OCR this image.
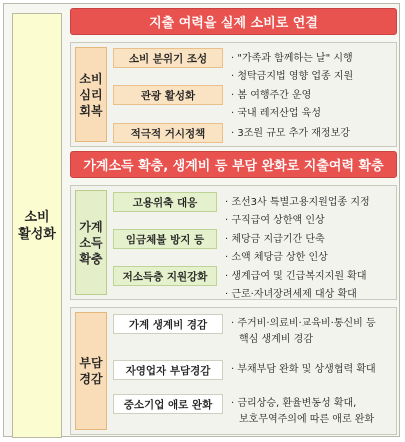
소비
활성화
지출 여력을 실제 소비로 연결
소비
심리
회복
소비 분위기 조성	· "가족과 함께하는 날" 시행
· 청탁금지법 영향 업종 지원
관광 활성화	· 봄 여행주간 운영
· 국내 레저산업 육성
적극적 거시정책	· 3조원 규모 추가 재정보강
가계소득 확충, 생계비 등 부담 완화로 지출여력 확충
가계
소득
확충
고용위축 대응	· 조선3사 특별고용지원업종 지정
· 구직급여 상한액 인상
임금체불 방지 등	· 체당금 지급기간 단축
· 소액 체당금 상한 인상
저소득층 지원강화	· 생계급여 및 긴급복지지원 확대
· 근로·자녀장려세제 대상 확대
부담
경감
가계 생계비 경감	· 주거비·의료비·교육비·통신비 등
핵심 생계비 경감
자영업자 부담경감	· 부채부담 완화 및 상생협력 확대
중소기업 애로 완화	· 금리상승, 환율변동성 확대,
보호무역주의에 따른 애로 완화
